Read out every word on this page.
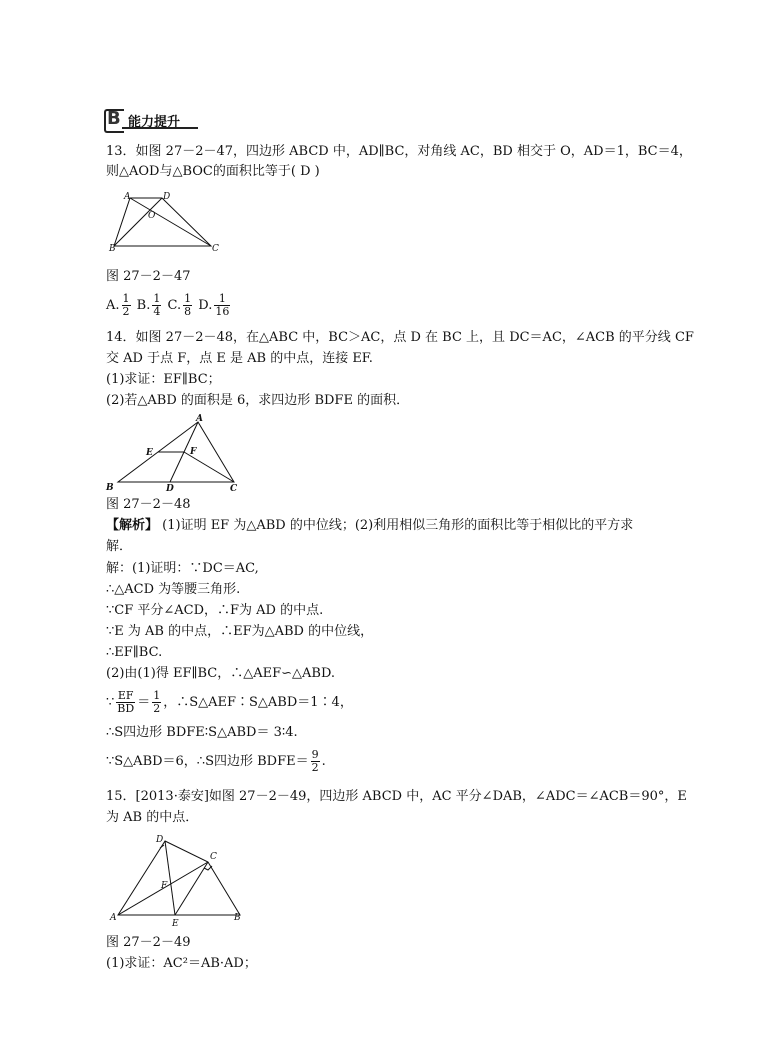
B 能力提升
13．如图 27－2－47，四边形 ABCD 中，AD∥BC，对角线 AC，BD 相交于 O，AD＝1，BC＝4，
则△AOD与△BOC的面积比等于( D )
A	D
O
B	C
图 27－2－47
A. $\frac{1}{2} B$. $\frac{1}{4} C$. $\frac{1}{8} D$. $\frac{1}{16}$
14．如图 27－2－48，在△ABC 中，BC＞AC，点 D 在 BC 上，且 DC＝AC，∠ACB 的平分线 CF
交 AD 于点 F，点 E 是 AB 的中点，连接 EF.
(1)求证：EF∥BC；
(2)若△ABD 的面积是 6，求四边形 BDFE 的面积．
A
E	F
B	D	C
图 27－2－48
【解析】 (1)证明 EF 为△ABD 的中位线；(2)利用相似三角形的面积比等于相似比的平方求
解．
解：(1)证明：∵DC＝AC,
∴△ACD 为等腰三角形.
∵CF 平分∠ACD，∴F为 AD 的中点.
∵E 为 AB 的中点，∴EF为△ABD 的中位线，
∴EF∥BC.
(2)由(1)得 EF∥BC，∴△AEF∽△ABD.
∵ $\frac{EF}{BD} = \frac{1}{2}$ ，∴S△AEF∶S△ABD＝1∶4，
∴S四边形 BDFE∶S△ABD＝ 3∶4.
∵S△ABD＝6，∴S四边形 BDFE＝ $\frac{9}{2}$ .
15．[2013·泰安]如图 27－2－49，四边形 ABCD 中，AC 平分∠DAB，∠ADC＝∠ACB＝90°，E
为 AB 的中点．
D
C
F
A
E
B
图 27－2－49
(1)求证：AC²＝AB·AD；
